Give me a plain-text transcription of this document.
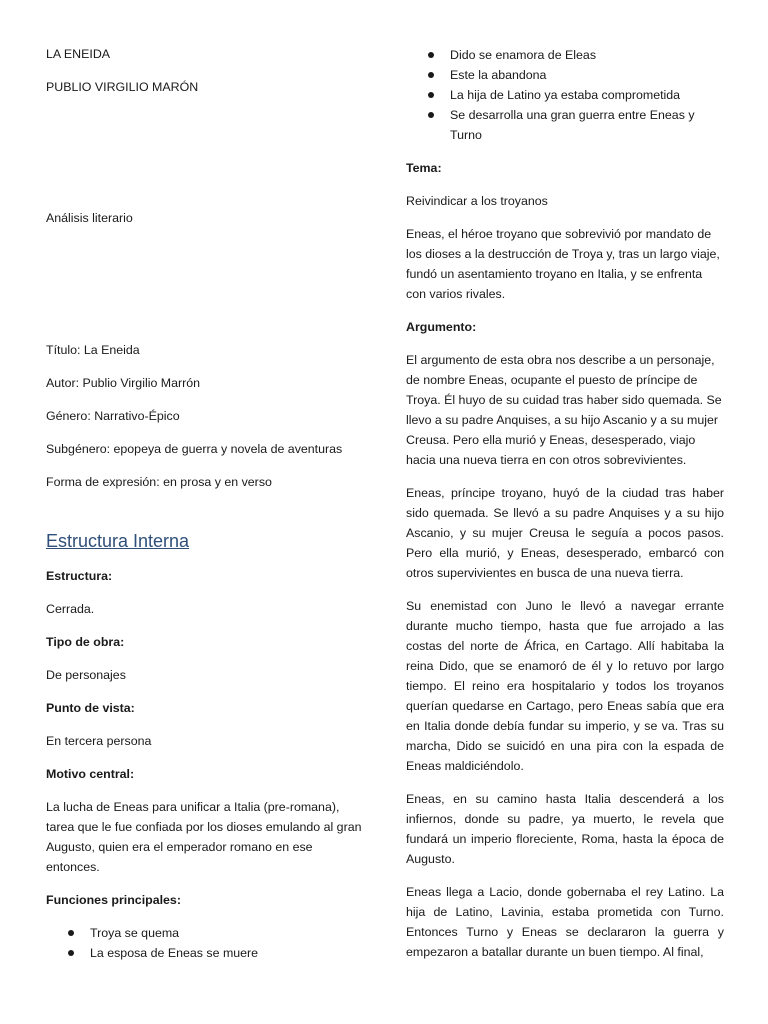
LA ENEIDA

PUBLIO VIRGILIO MARÓN

Análisis literario

Título: La Eneida

Autor: Publio Virgilio Marrón

Género: Narrativo-Épico

Subgénero: epopeya de guerra y novela de aventuras

Forma de expresión: en prosa y en verso

Estructura Interna

Estructura:

Cerrada.

Tipo de obra:

De personajes

Punto de vista:

En tercera persona

Motivo central:

La lucha de Eneas para unificar a Italia (pre-romana), tarea que le fue confiada por los dioses emulando al gran Augusto, quien era el emperador romano en ese entonces.

Funciones principales:

Troya se quema
La esposa de Eneas se muere
Dido se enamora de Eleas
Este la abandona
La hija de Latino ya estaba comprometida
Se desarrolla una gran guerra entre Eneas y Turno

Tema:

Reivindicar a los troyanos

Eneas, el héroe troyano que sobrevivió por mandato de los dioses a la destrucción de Troya y, tras un largo viaje, fundó un asentamiento troyano en Italia, y se enfrenta con varios rivales.

Argumento:

El argumento de esta obra nos describe a un personaje, de nombre Eneas, ocupante el puesto de príncipe de Troya. Él huyo de su cuidad tras haber sido quemada. Se llevo a su padre Anquises, a su hijo Ascanio y a su mujer Creusa. Pero ella murió y Eneas, desesperado, viajo hacia una nueva tierra en con otros sobrevivientes.

Eneas, príncipe troyano, huyó de la ciudad tras haber sido quemada. Se llevó a su padre Anquises y a su hijo Ascanio, y su mujer Creusa le seguía a pocos pasos. Pero ella murió, y Eneas, desesperado, embarcó con otros supervivientes en busca de una nueva tierra.

Su enemistad con Juno le llevó a navegar errante durante mucho tiempo, hasta que fue arrojado a las costas del norte de África, en Cartago. Allí habitaba la reina Dido, que se enamoró de él y lo retuvo por largo tiempo. El reino era hospitalario y todos los troyanos querían quedarse en Cartago, pero Eneas sabía que era en Italia donde debía fundar su imperio, y se va. Tras su marcha, Dido se suicidó en una pira con la espada de Eneas maldiciéndolo.

Eneas, en su camino hasta Italia descenderá a los infiernos, donde su padre, ya muerto, le revela que fundará un imperio floreciente, Roma, hasta la época de Augusto.

Eneas llega a Lacio, donde gobernaba el rey Latino. La hija de Latino, Lavinia, estaba prometida con Turno. Entonces Turno y Eneas se declararon la guerra y empezaron a batallar durante un buen tiempo. Al final,
